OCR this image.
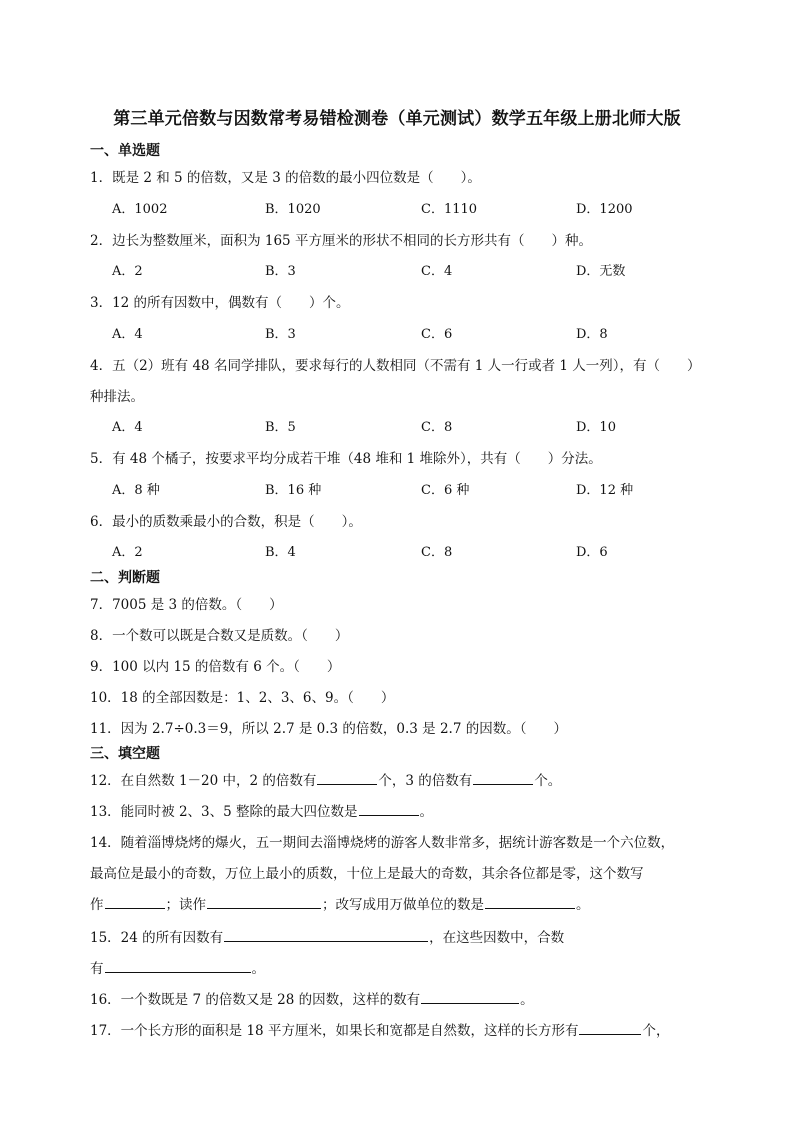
第三单元倍数与因数常考易错检测卷（单元测试）数学五年级上册北师大版
一、单选题
1．既是 2 和 5 的倍数，又是 3 的倍数的最小四位数是（　　）。
A．1002	B．1020	C．1110	D．1200
2．边长为整数厘米，面积为 165 平方厘米的形状不相同的长方形共有（　　）种。
A．2	B．3	C．4	D．无数
3．12 的所有因数中，偶数有（　　）个。
A．4	B．3	C．6	D．8
4．五（2）班有 48 名同学排队，要求每行的人数相同（不需有 1 人一行或者 1 人一列），有（　　）
种排法。
A．4	B．5	C．8	D．10
5．有 48 个橘子，按要求平均分成若干堆（48 堆和 1 堆除外），共有（　　）分法。
A．8 种	B．16 种	C．6 种	D．12 种
6．最小的质数乘最小的合数，积是（　　）。
A．2	B．4	C．8	D．6
二、判断题
7．7005 是 3 的倍数。（　　）
8．一个数可以既是合数又是质数。（　　）
9．100 以内 15 的倍数有 6 个。（　　）
10．18 的全部因数是：1、2、3、6、9。（　　）
11．因为 2.7÷0.3＝9，所以 2.7 是 0.3 的倍数，0.3 是 2.7 的因数。（　　）
三、填空题
12．在自然数 1－20 中，2 的倍数有	个，3 的倍数有	个。
13．能同时被 2、3、5 整除的最大四位数是	。
14．随着淄博烧烤的爆火，五一期间去淄博烧烤的游客人数非常多，据统计游客数是一个六位数，
最高位是最小的奇数，万位上最小的质数，十位上是最大的奇数，其余各位都是零，这个数写
作	；读作	；改写成用万做单位的数是	。
15．24 的所有因数有	，在这些因数中，合数
有	。
16．一个数既是 7 的倍数又是 28 的因数，这样的数有	。
17．一个长方形的面积是 18 平方厘米，如果长和宽都是自然数，这样的长方形有	个，
